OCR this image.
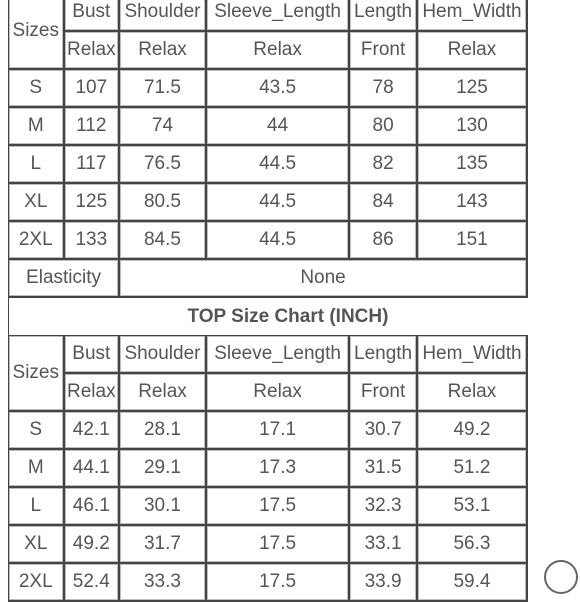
Sizes	Bust	Shoulder	Sleeve_Length	Length	Hem_Width
	Relax	Relax	Relax	Front	Relax
S	107	71.5	43.5	78	125
M	112	74	44	80	130
L	117	76.5	44.5	82	135
XL	125	80.5	44.5	84	143
2XL	133	84.5	44.5	86	151
Elasticity		None			
TOP Size Chart (INCH)
Sizes	Bust	Shoulder	Sleeve_Length	Length	Hem_Width
	Relax	Relax	Relax	Front	Relax
S	42.1	28.1	17.1	30.7	49.2
M	44.1	29.1	17.3	31.5	51.2
L	46.1	30.1	17.5	32.3	53.1
XL	49.2	31.7	17.5	33.1	56.3
2XL	52.4	33.3	17.5	33.9	59.4
